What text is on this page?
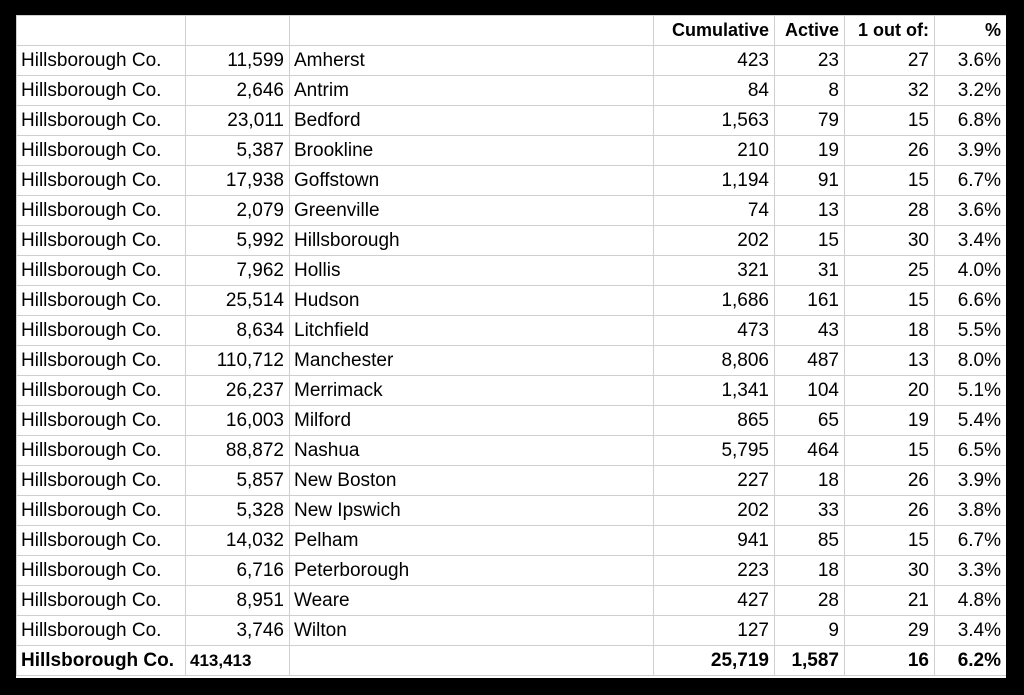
			Cumulative	Active	1 out of:	%
Hillsborough Co.	11,599	Amherst	423	23	27	3.6%
Hillsborough Co.	2,646	Antrim	84	8	32	3.2%
Hillsborough Co.	23,011	Bedford	1,563	79	15	6.8%
Hillsborough Co.	5,387	Brookline	210	19	26	3.9%
Hillsborough Co.	17,938	Goffstown	1,194	91	15	6.7%
Hillsborough Co.	2,079	Greenville	74	13	28	3.6%
Hillsborough Co.	5,992	Hillsborough	202	15	30	3.4%
Hillsborough Co.	7,962	Hollis	321	31	25	4.0%
Hillsborough Co.	25,514	Hudson	1,686	161	15	6.6%
Hillsborough Co.	8,634	Litchfield	473	43	18	5.5%
Hillsborough Co.	110,712	Manchester	8,806	487	13	8.0%
Hillsborough Co.	26,237	Merrimack	1,341	104	20	5.1%
Hillsborough Co.	16,003	Milford	865	65	19	5.4%
Hillsborough Co.	88,872	Nashua	5,795	464	15	6.5%
Hillsborough Co.	5,857	New Boston	227	18	26	3.9%
Hillsborough Co.	5,328	New Ipswich	202	33	26	3.8%
Hillsborough Co.	14,032	Pelham	941	85	15	6.7%
Hillsborough Co.	6,716	Peterborough	223	18	30	3.3%
Hillsborough Co.	8,951	Weare	427	28	21	4.8%
Hillsborough Co.	3,746	Wilton	127	9	29	3.4%
Hillsborough Co.	413,413		25,719	1,587	16	6.2%
